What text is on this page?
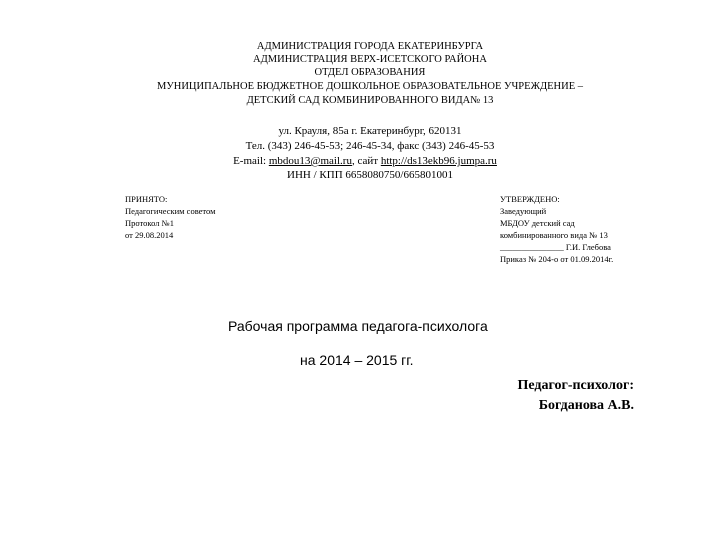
АДМИНИСТРАЦИЯ ГОРОДА ЕКАТЕРИНБУРГА
АДМИНИСТРАЦИЯ ВЕРХ-ИСЕТСКОГО РАЙОНА
ОТДЕЛ ОБРАЗОВАНИЯ
МУНИЦИПАЛЬНОЕ БЮДЖЕТНОЕ ДОШКОЛЬНОЕ ОБРАЗОВАТЕЛЬНОЕ УЧРЕЖДЕНИЕ –
ДЕТСКИЙ САД КОМБИНИРОВАННОГО ВИДА№ 13
ул. Крауля, 85а г. Екатеринбург, 620131
Тел. (343) 246-45-53; 246-45-34, факс (343) 246-45-53
E-mail: mbdou13@mail.ru, сайт http://ds13ekb96.jumpa.ru
ИНН / КПП 6658080750/665801001
ПРИНЯТО:
Педагогическим советом
Протокол №1
от 29.08.2014
УТВЕРЖДЕНО:
Заведующий
МБДОУ детский сад
комбинированного вида № 13
_______________ Г.И. Глебова
Приказ № 204-о от 01.09.2014г.
Рабочая программа педагога-психолога
на 2014 – 2015 гг.
Педагог-психолог:
Богданова А.В.
